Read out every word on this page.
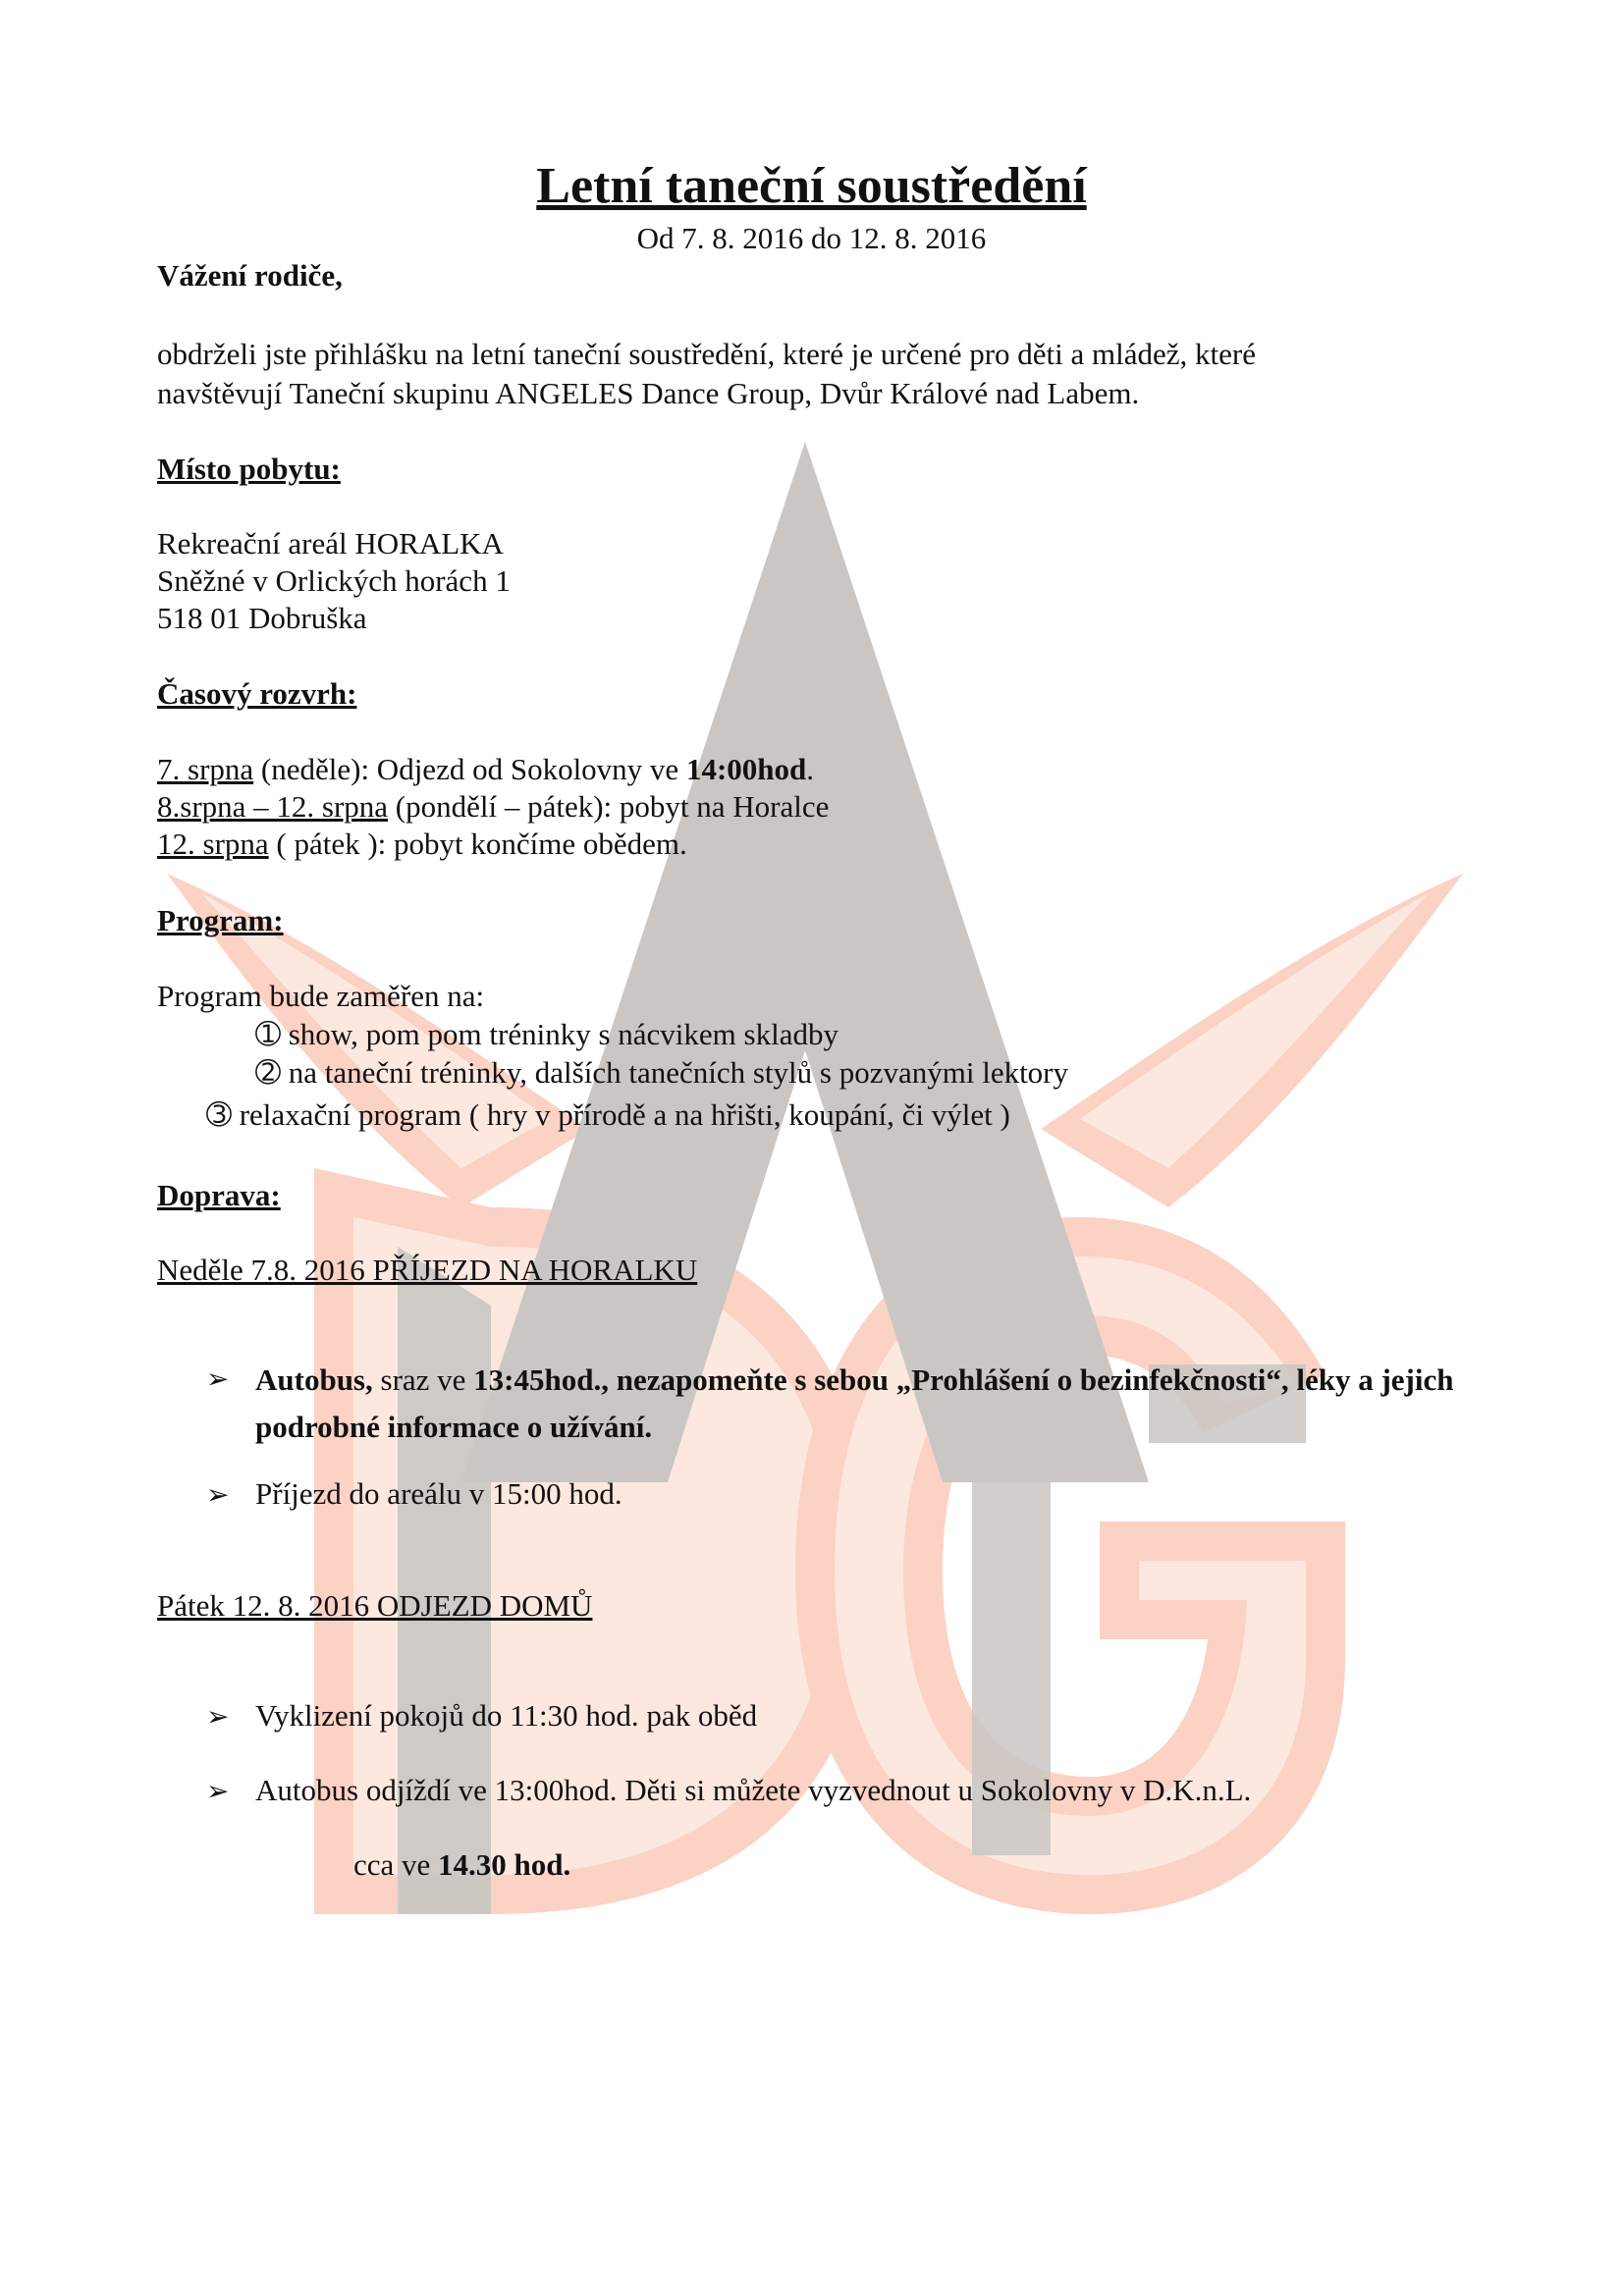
Letní taneční soustředění
Od 7. 8. 2016 do 12. 8. 2016
Vážení rodiče,
obdrželi jste přihlášku na letní taneční soustředění, které je určené pro děti a mládež, které
navštěvují Taneční skupinu ANGELES Dance Group, Dvůr Králové nad Labem.
Místo pobytu:
Rekreační areál HORALKA
Sněžné v Orlických horách 1
518 01 Dobruška
Časový rozvrh:
7. srpna (neděle): Odjezd od Sokolovny ve 14:00hod.
8.srpna – 12. srpna (pondělí – pátek): pobyt na Horalce
12. srpna ( pátek ): pobyt končíme obědem.
Program:
Program bude zaměřen na:
➀ show, pom pom tréninky s nácvikem skladby
➁ na taneční tréninky, dalších tanečních stylů s pozvanými lektory
➂ relaxační program ( hry v přírodě a na hřišti, koupání, či výlet )
Doprava:
Neděle 7.8. 2016 PŘÍJEZD NA HORALKU
➢ Autobus, sraz ve 13:45hod., nezapomeňte s sebou „Prohlášení o bezinfekčnosti“, léky a jejich podrobné informace o užívání.
➢ Příjezd do areálu v 15:00 hod.
Pátek 12. 8. 2016 ODJEZD DOMŮ
➢ Vyklizení pokojů do 11:30 hod. pak oběd
➢ Autobus odjíždí ve 13:00hod. Děti si můžete vyzvednout u Sokolovny v D.K.n.L.
cca ve 14.30 hod.
